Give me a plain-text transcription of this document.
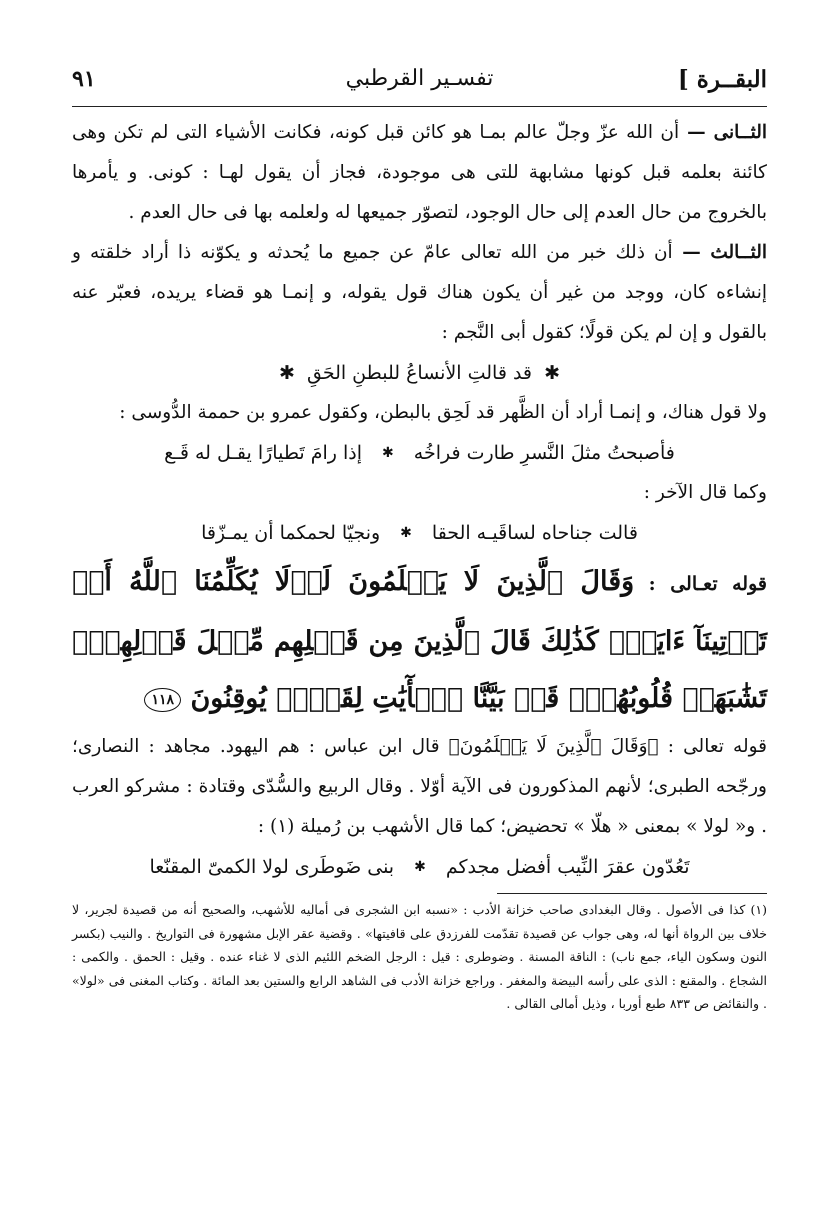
البقــرة ]
تفسـير القرطبي
٩١

الثــانى — أن الله عزّ وجلّ عالم بمـا هو كائن قبل كونه، فكانت الأشياء التى لم تكن وهى كائنة بعلمه قبل كونها مشابهة للتى هى موجودة، فجاز أن يقول لهـا : كونى. و يأمرها بالخروج من حال العدم إلى حال الوجود، لتصوّر جميعها له ولعلمه بها فى حال العدم .

الثــالث — أن ذلك خبر من الله تعالى عامّ عن جميع ما يُحدثه و يكوّنه ذا أراد خلقته و إنشاءه كان، ووجد من غير أن يكون هناك قول يقوله، و إنمـا هو قضاء يريده، فعبّر عنه بالقول و إن لم يكن قولًا؛ كقول أبى النَّجم :

✱  قد قالتِ الأنساعُ للبطنِ الحَقِ  ✱

ولا قول هناك، و إنمـا أراد أن الظَّهر قد لَحِق بالبطن، وكقول عمرو بن حممة الدُّوسى :

فأصبحتُ مثلَ النَّسرِ طارت فراخُه
✱
إذا رامَ تَطيارًا يقـل له قَـع

وكما قال الآخر :

قالت جناحاه لساقَيـه الحقا
✱
ونجيّا لحمكما أن يمـزّقا

قوله تعـالى : وَقَالَ ٱلَّذِينَ لَا يَعۡلَمُونَ لَوۡلَا يُكَلِّمُنَا ٱللَّهُ أَوۡ تَأۡتِينَآ ءَايَةٞۗ كَذَٰلِكَ قَالَ ٱلَّذِينَ مِن قَبۡلِهِم مِّثۡلَ قَوۡلِهِمۡۘ تَشَٰبَهَتۡ قُلُوبُهُمۡۗ قَدۡ بَيَّنَّا ٱلۡأٓيَٰتِ لِقَوۡمٖ يُوقِنُونَ ١١٨

قوله تعالى : ﴿وَقَالَ ٱلَّذِينَ لَا يَعۡلَمُونَ﴾ قال ابن عباس : هم اليهود. مجاهد : النصارى؛ ورجّحه الطبرى؛ لأنهم المذكورون فى الآية أوّلا . وقال الربيع والسُّدّى وقتادة : مشركو العرب . و« لولا » بمعنى « هلّا » تحضيض؛ كما قال الأشهب بن رُميلة (١) :

تَعُدّون عقرَ النِّيب أفضل مجدكم
✱
بنى ضَوطَرى لولا الكمىّ المقنّعا

(١) كذا فى الأصول . وقال البغدادى صاحب خزانة الأدب : «نسبه ابن الشجرى فى أماليه للأشهب، والصحيح أنه من قصيدة لجرير، لا خلاف بين الرواة أنها له، وهى جواب عن قصيدة تقدّمت للفرزدق على قافيتها» . وقضية عقر الإبل مشهورة فى التواريخ . والنيب (بكسر النون وسكون الياء، جمع ناب) : الناقة المسنة . وضوطرى : قيل : الرجل الضخم اللئيم الذى لا غناء عنده . وقيل : الحمق . والكمى : الشجاع . والمقنع : الذى على رأسه البيضة والمغفر . وراجع خزانة الأدب فى الشاهد الرابع والستين بعد المائة . وكتاب المغنى فى «لولا» . والنقائض ص ٨٣٣ طبع أوربا ، وذيل أمالى القالى .
